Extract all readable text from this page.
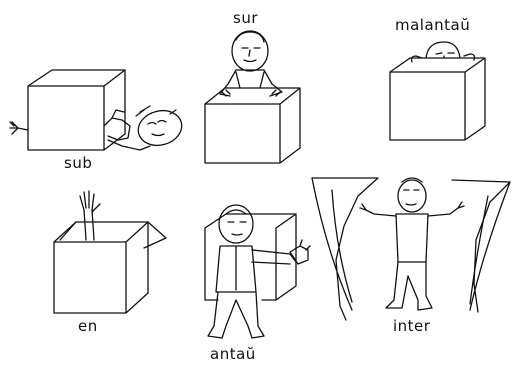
sub
sur	malantaŭ
en
antaŭ
inter
